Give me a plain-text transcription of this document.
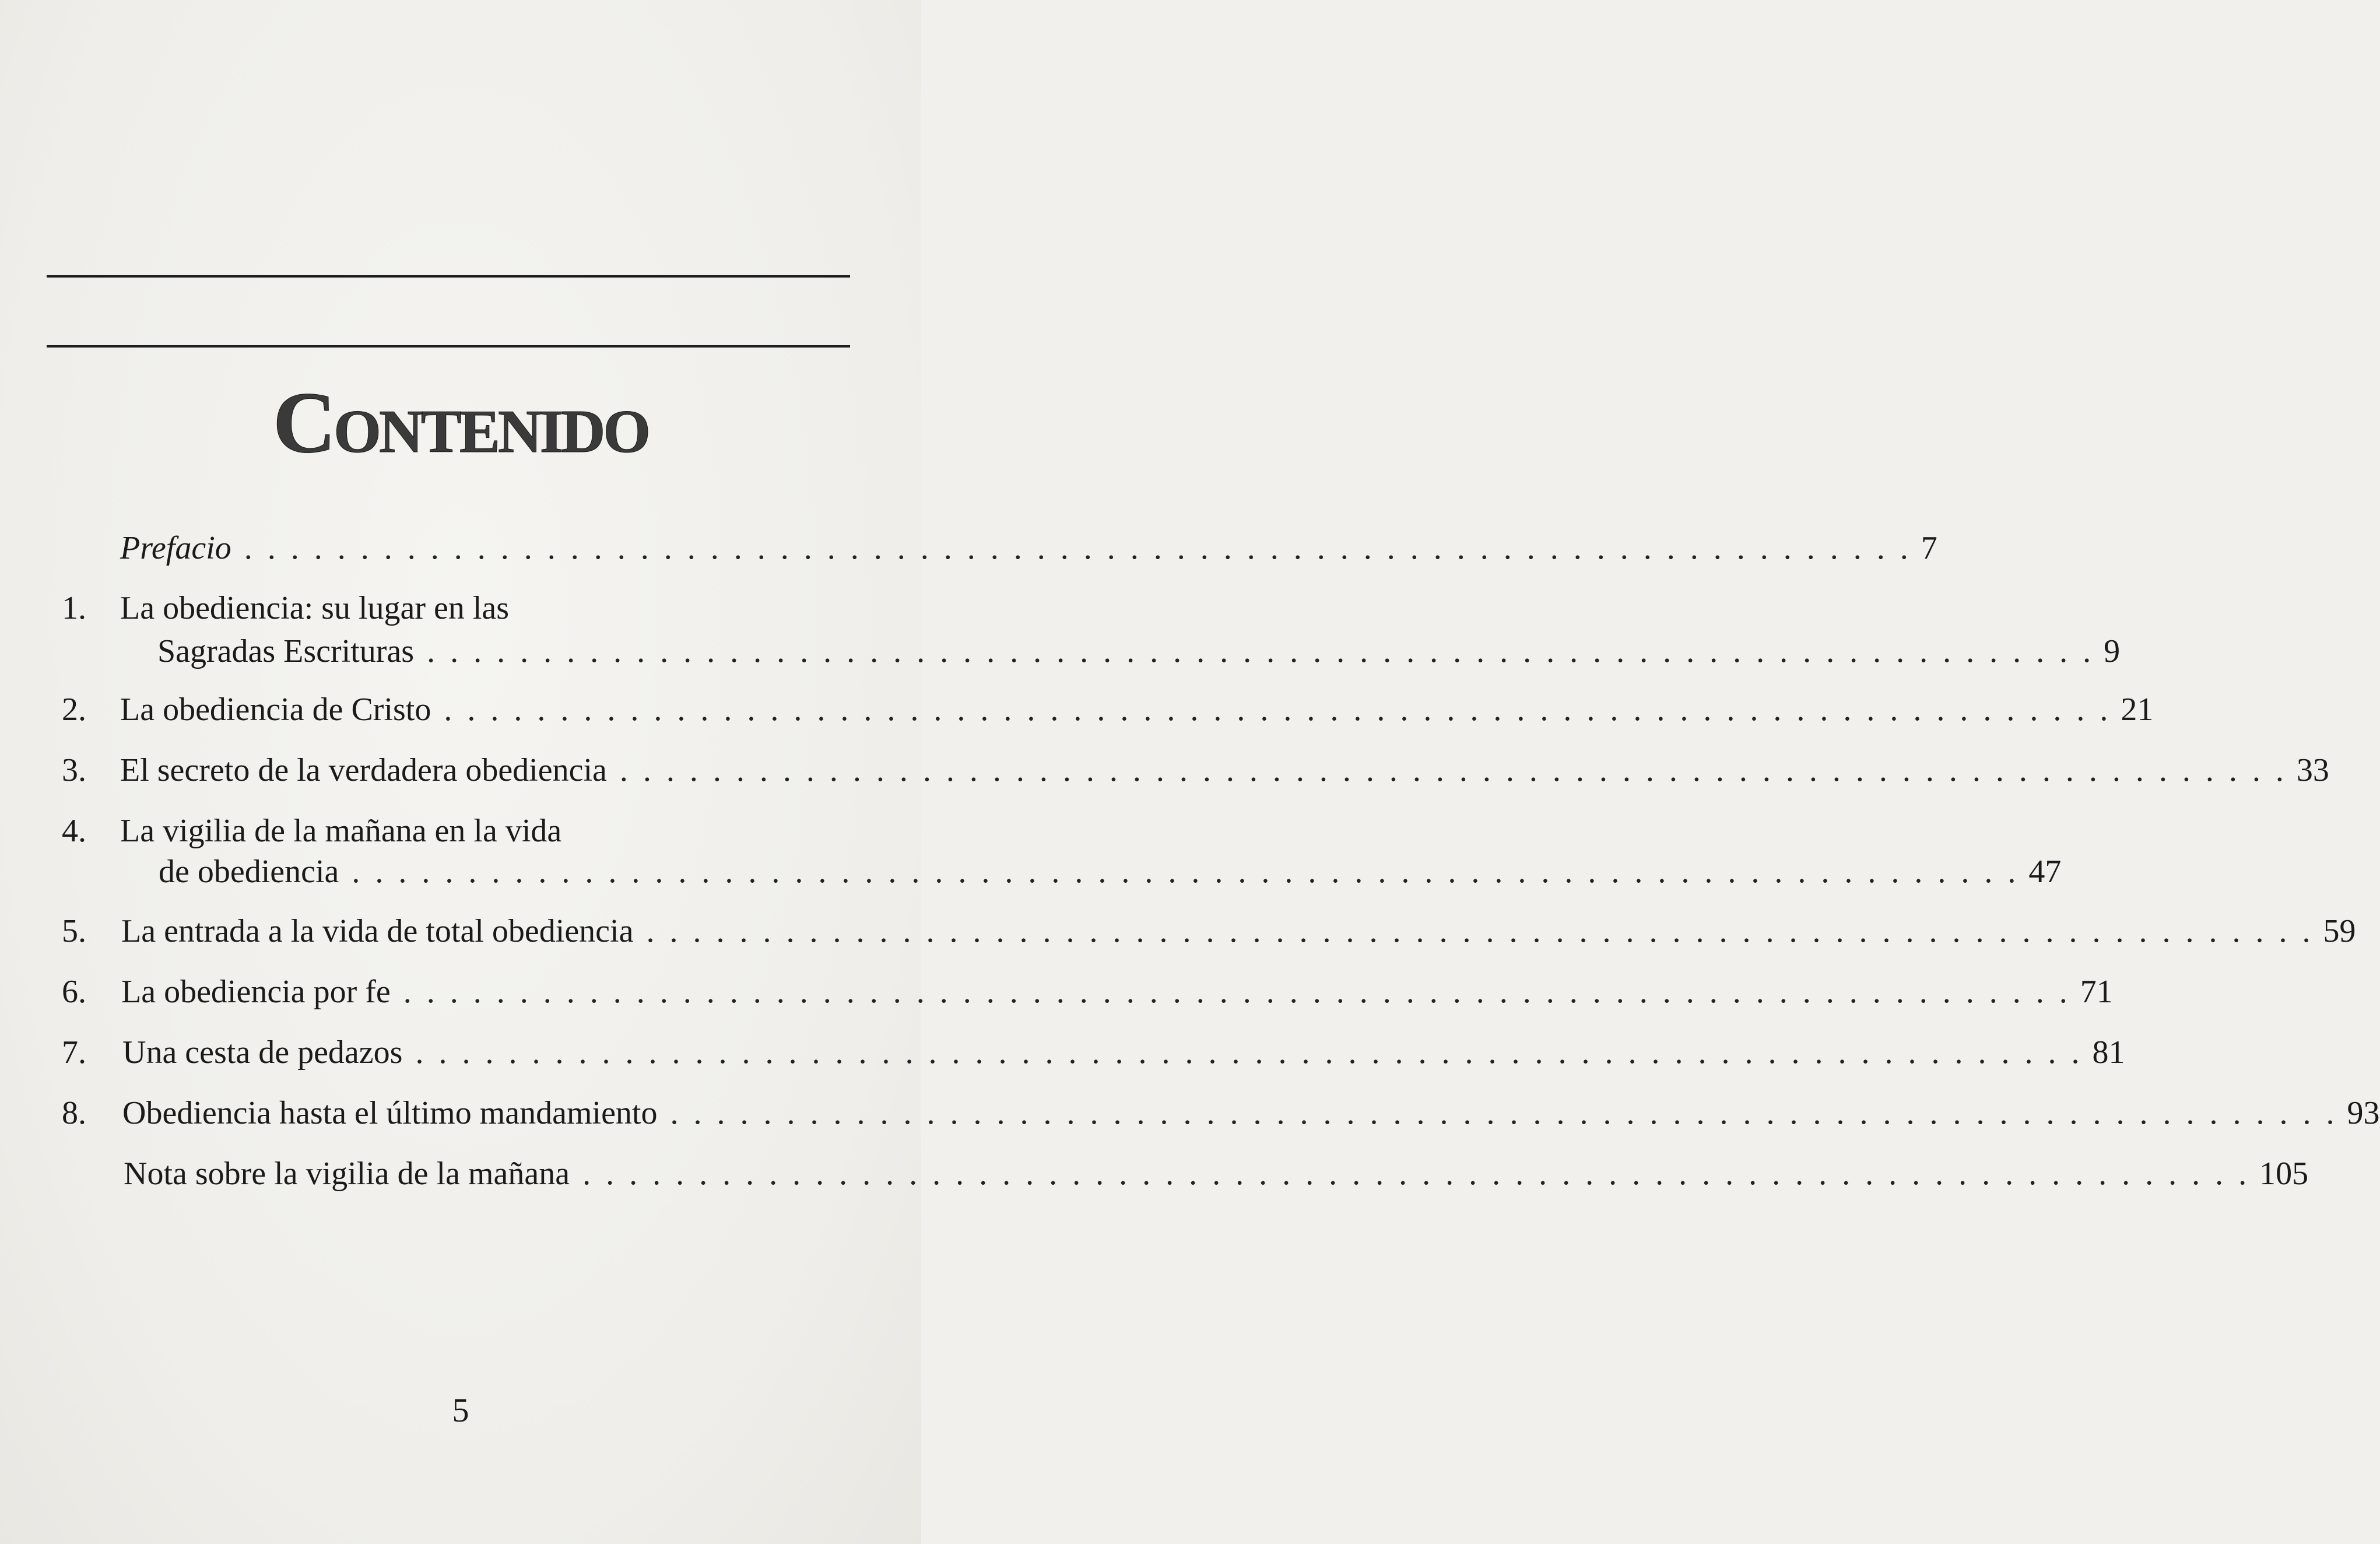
Contenido
Prefacio . . . . . . . . . . . . . . . . . . . . . . . . . . . . . . . . . . . . . . . . . . . . . . . . . . . . . . . . . . . . . . . . . . . . . . . . 7
1. La obediencia: su lugar en las
Sagradas Escrituras . . . . . . . . . . . . . . . . . . . . . . . . . . . . . . . . . . . . . . . . . . . . . . . . . . . . . . . . . . . . . . . . . . . . . . . . 9
2. La obediencia de Cristo . . . . . . . . . . . . . . . . . . . . . . . . . . . . . . . . . . . . . . . . . . . . . . . . . . . . . . . . . . . . . . . . . . . . . . . . 21
3. El secreto de la verdadera obediencia . . . . . . . . . . . . . . . . . . . . . . . . . . . . . . . . . . . . . . . . . . . . . . . . . . . . . . . . . . . . . . . . . . . . . . . . 33
4. La vigilia de la mañana en la vida
de obediencia . . . . . . . . . . . . . . . . . . . . . . . . . . . . . . . . . . . . . . . . . . . . . . . . . . . . . . . . . . . . . . . . . . . . . . . . 47
5. La entrada a la vida de total obediencia . . . . . . . . . . . . . . . . . . . . . . . . . . . . . . . . . . . . . . . . . . . . . . . . . . . . . . . . . . . . . . . . . . . . . . . . 59
6. La obediencia por fe . . . . . . . . . . . . . . . . . . . . . . . . . . . . . . . . . . . . . . . . . . . . . . . . . . . . . . . . . . . . . . . . . . . . . . . . 71
7. Una cesta de pedazos . . . . . . . . . . . . . . . . . . . . . . . . . . . . . . . . . . . . . . . . . . . . . . . . . . . . . . . . . . . . . . . . . . . . . . . . 81
8. Obediencia hasta el último mandamiento . . . . . . . . . . . . . . . . . . . . . . . . . . . . . . . . . . . . . . . . . . . . . . . . . . . . . . . . . . . . . . . . . . . . . . . . 93
Nota sobre la vigilia de la mañana . . . . . . . . . . . . . . . . . . . . . . . . . . . . . . . . . . . . . . . . . . . . . . . . . . . . . . . . . . . . . . . . . . . . . . . . 105
5
